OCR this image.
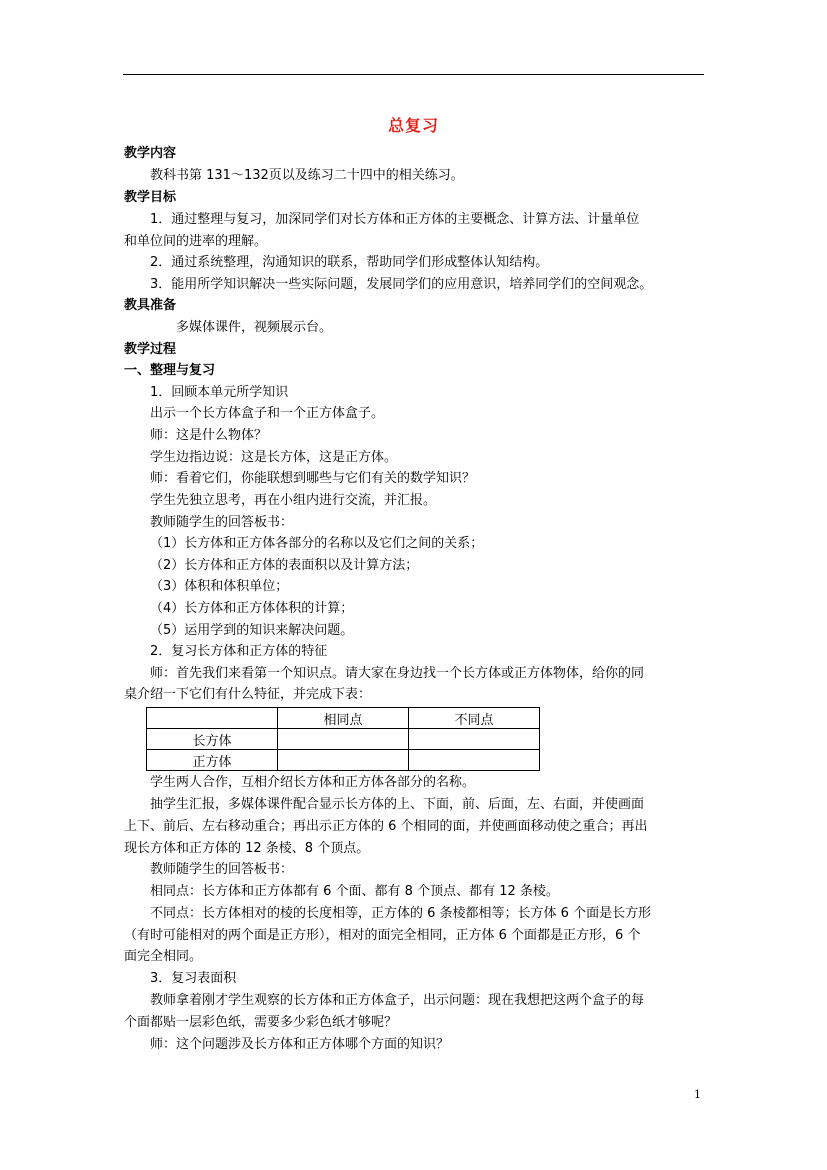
总复习
教学内容
教科书第 131～132页以及练习二十四中的相关练习。
教学目标
1．通过整理与复习，加深同学们对长方体和正方体的主要概念、计算方法、计量单位
和单位间的进率的理解。
2．通过系统整理，沟通知识的联系，帮助同学们形成整体认知结构。
3．能用所学知识解决一些实际问题，发展同学们的应用意识，培养同学们的空间观念。
教具准备
多媒体课件，视频展示台。
教学过程
一、整理与复习
1．回顾本单元所学知识
出示一个长方体盒子和一个正方体盒子。
师：这是什么物体？
学生边指边说：这是长方体，这是正方体。
师：看着它们，你能联想到哪些与它们有关的数学知识？
学生先独立思考，再在小组内进行交流，并汇报。
教师随学生的回答板书：
（1）长方体和正方体各部分的名称以及它们之间的关系；
（2）长方体和正方体的表面积以及计算方法；
（3）体积和体积单位；
（4）长方体和正方体体积的计算；
（5）运用学到的知识来解决问题。
2．复习长方体和正方体的特征
师：首先我们来看第一个知识点。请大家在身边找一个长方体或正方体物体，给你的同
桌介绍一下它们有什么特征，并完成下表：
	相同点	不同点
长方体		
正方体		
学生两人合作，互相介绍长方体和正方体各部分的名称。
抽学生汇报，多媒体课件配合显示长方体的上、下面，前、后面，左、右面，并使画面
上下、前后、左右移动重合；再出示正方体的 6 个相同的面，并使画面移动使之重合；再出
现长方体和正方体的 12 条棱、8 个顶点。
教师随学生的回答板书：
相同点：长方体和正方体都有 6 个面、都有 8 个顶点、都有 12 条棱。
不同点：长方体相对的棱的长度相等，正方体的 6 条棱都相等；长方体 6 个面是长方形
（有时可能相对的两个面是正方形），相对的面完全相同，正方体 6 个面都是正方形，6 个
面完全相同。
3．复习表面积
教师拿着刚才学生观察的长方体和正方体盒子，出示问题：现在我想把这两个盒子的每
个面都贴一层彩色纸，需要多少彩色纸才够呢？
师：这个问题涉及长方体和正方体哪个方面的知识？
1
